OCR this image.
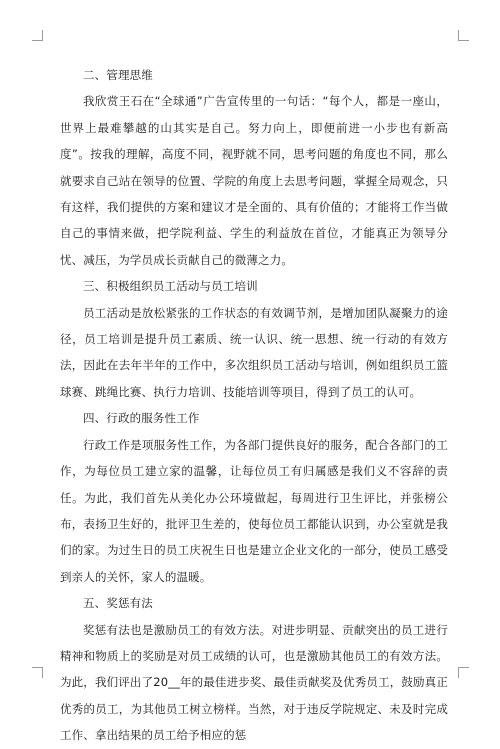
二、管理思维

我欣赏王石在“全球通”广告宣传里的一句话：“每个人，都是一座山，世界上最难攀越的山其实是自己。努力向上，即便前进一小步也有新高度”。按我的理解，高度不同，视野就不同，思考问题的角度也不同，那么就要求自己站在领导的位置、学院的角度上去思考问题，掌握全局观念，只有这样，我们提供的方案和建议才是全面的、具有价值的；才能将工作当做自己的事情来做，把学院利益、学生的利益放在首位，才能真正为领导分忧、减压，为学员成长贡献自己的微薄之力。

三、积极组织员工活动与员工培训

员工活动是放松紧张的工作状态的有效调节剂，是增加团队凝聚力的途径，员工培训是提升员工素质、统一认识、统一思想、统一行动的有效方法，因此在去年半年的工作中，多次组织员工活动与培训，例如组织员工篮球赛、跳绳比赛、执行力培训、技能培训等项目，得到了员工的认可。

四、行政的服务性工作

行政工作是项服务性工作，为各部门提供良好的服务，配合各部门的工作，为每位员工建立家的温馨，让每位员工有归属感是我们义不容辞的责任。为此，我们首先从美化办公环境做起，每周进行卫生评比，并张榜公布，表扬卫生好的，批评卫生差的，使每位员工都能认识到，办公室就是我们的家。为过生日的员工庆祝生日也是建立企业文化的一部分，使员工感受到亲人的关怀，家人的温暖。

五、奖惩有法

奖惩有法也是激励员工的有效方法。对进步明显、贡献突出的员工进行精神和物质上的奖励是对员工成绩的认可，也是激励其他员工的有效方法。为此，我们评出了20__年的最佳进步奖、最佳贡献奖及优秀员工，鼓励真正优秀的员工，为其他员工树立榜样。当然，对于违反学院规定、未及时完成工作、拿出结果的员工给予相应的惩
